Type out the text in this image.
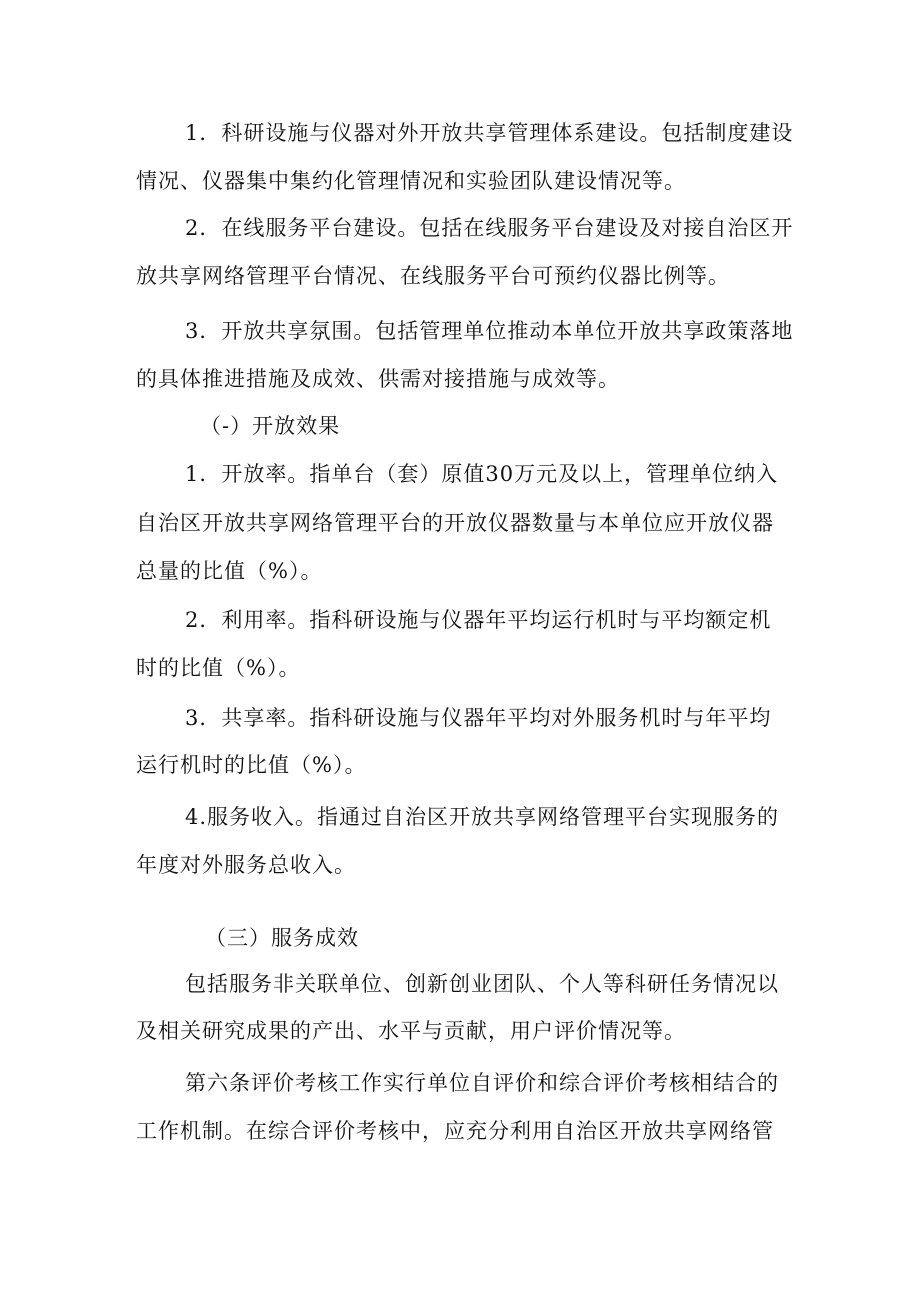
1．科研设施与仪器对外开放共享管理体系建设。包括制度建设
情况、仪器集中集约化管理情况和实验团队建设情况等。
2．在线服务平台建设。包括在线服务平台建设及对接自治区开
放共享网络管理平台情况、在线服务平台可预约仪器比例等。
3．开放共享氛围。包括管理单位推动本单位开放共享政策落地
的具体推进措施及成效、供需对接措施与成效等。
（-）开放效果
1．开放率。指单台（套）原值30万元及以上，管理单位纳入
自治区开放共享网络管理平台的开放仪器数量与本单位应开放仪器
总量的比值（%）。
2．利用率。指科研设施与仪器年平均运行机时与平均额定机
时的比值（%）。
3．共享率。指科研设施与仪器年平均对外服务机时与年平均
运行机时的比值（%）。
4.服务收入。指通过自治区开放共享网络管理平台实现服务的
年度对外服务总收入。
（三）服务成效
包括服务非关联单位、创新创业团队、个人等科研任务情况以
及相关研究成果的产出、水平与贡献，用户评价情况等。
第六条评价考核工作实行单位自评价和综合评价考核相结合的
工作机制。在综合评价考核中，应充分利用自治区开放共享网络管
